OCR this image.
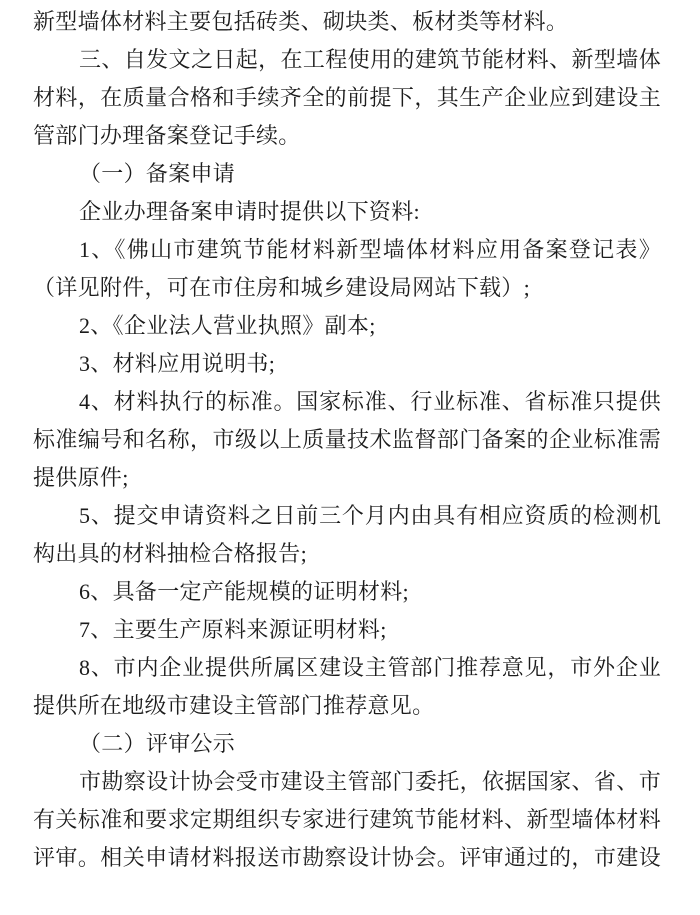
新型墙体材料主要包括砖类、砌块类、板材类等材料。
三、自发文之日起，在工程使用的建筑节能材料、新型墙体
材料，在质量合格和手续齐全的前提下，其生产企业应到建设主
管部门办理备案登记手续。
（一）备案申请
企业办理备案申请时提供以下资料:
1、《佛山市建筑节能材料新型墙体材料应用备案登记表》
（详见附件，可在市住房和城乡建设局网站下载）;
2、《企业法人营业执照》副本;
3、材料应用说明书;
4、材料执行的标准。国家标准、行业标准、省标准只提供
标准编号和名称，市级以上质量技术监督部门备案的企业标准需
提供原件;
5、提交申请资料之日前三个月内由具有相应资质的检测机
构出具的材料抽检合格报告;
6、具备一定产能规模的证明材料;
7、主要生产原料来源证明材料;
8、市内企业提供所属区建设主管部门推荐意见，市外企业
提供所在地级市建设主管部门推荐意见。
（二）评审公示
市勘察设计协会受市建设主管部门委托，依据国家、省、市
有关标准和要求定期组织专家进行建筑节能材料、新型墙体材料
评审。相关申请材料报送市勘察设计协会。评审通过的，市建设
